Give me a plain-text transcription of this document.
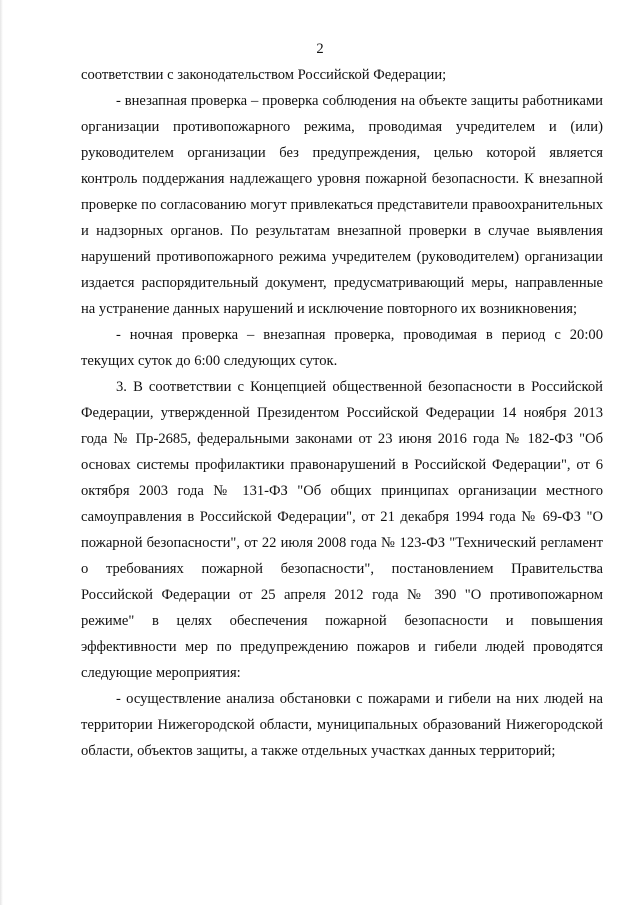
2

соответствии с законодательством Российской Федерации;

- внезапная проверка – проверка соблюдения на объекте защиты работниками организации противопожарного режима, проводимая учредителем и (или) руководителем организации без предупреждения, целью которой является контроль поддержания надлежащего уровня пожарной безопасности. К внезапной проверке по согласованию могут привлекаться представители правоохранительных и надзорных органов. По результатам внезапной проверки в случае выявления нарушений противопожарного режима учредителем (руководителем) организации издается распорядительный документ, предусматривающий меры, направленные на устранение данных нарушений и исключение повторного их возникновения;

- ночная проверка – внезапная проверка, проводимая в период с 20:00 текущих суток до 6:00 следующих суток.

3. В соответствии с Концепцией общественной безопасности в Российской Федерации, утвержденной Президентом Российской Федерации 14 ноября 2013 года № Пр-2685, федеральными законами от 23 июня 2016 года № 182-ФЗ "Об основах системы профилактики правонарушений в Российской Федерации", от 6 октября 2003 года № 131-ФЗ "Об общих принципах организации местного самоуправления в Российской Федерации", от 21 декабря 1994 года № 69-ФЗ "О пожарной безопасности", от 22 июля 2008 года № 123-ФЗ "Технический регламент о требованиях пожарной безопасности", постановлением Правительства Российской Федерации от 25 апреля 2012 года № 390 "О противопожарном режиме" в целях обеспечения пожарной безопасности и повышения эффективности мер по предупреждению пожаров и гибели людей проводятся следующие мероприятия:

- осуществление анализа обстановки с пожарами и гибели на них людей на территории Нижегородской области, муниципальных образований Нижегородской области, объектов защиты, а также отдельных участках данных территорий;
